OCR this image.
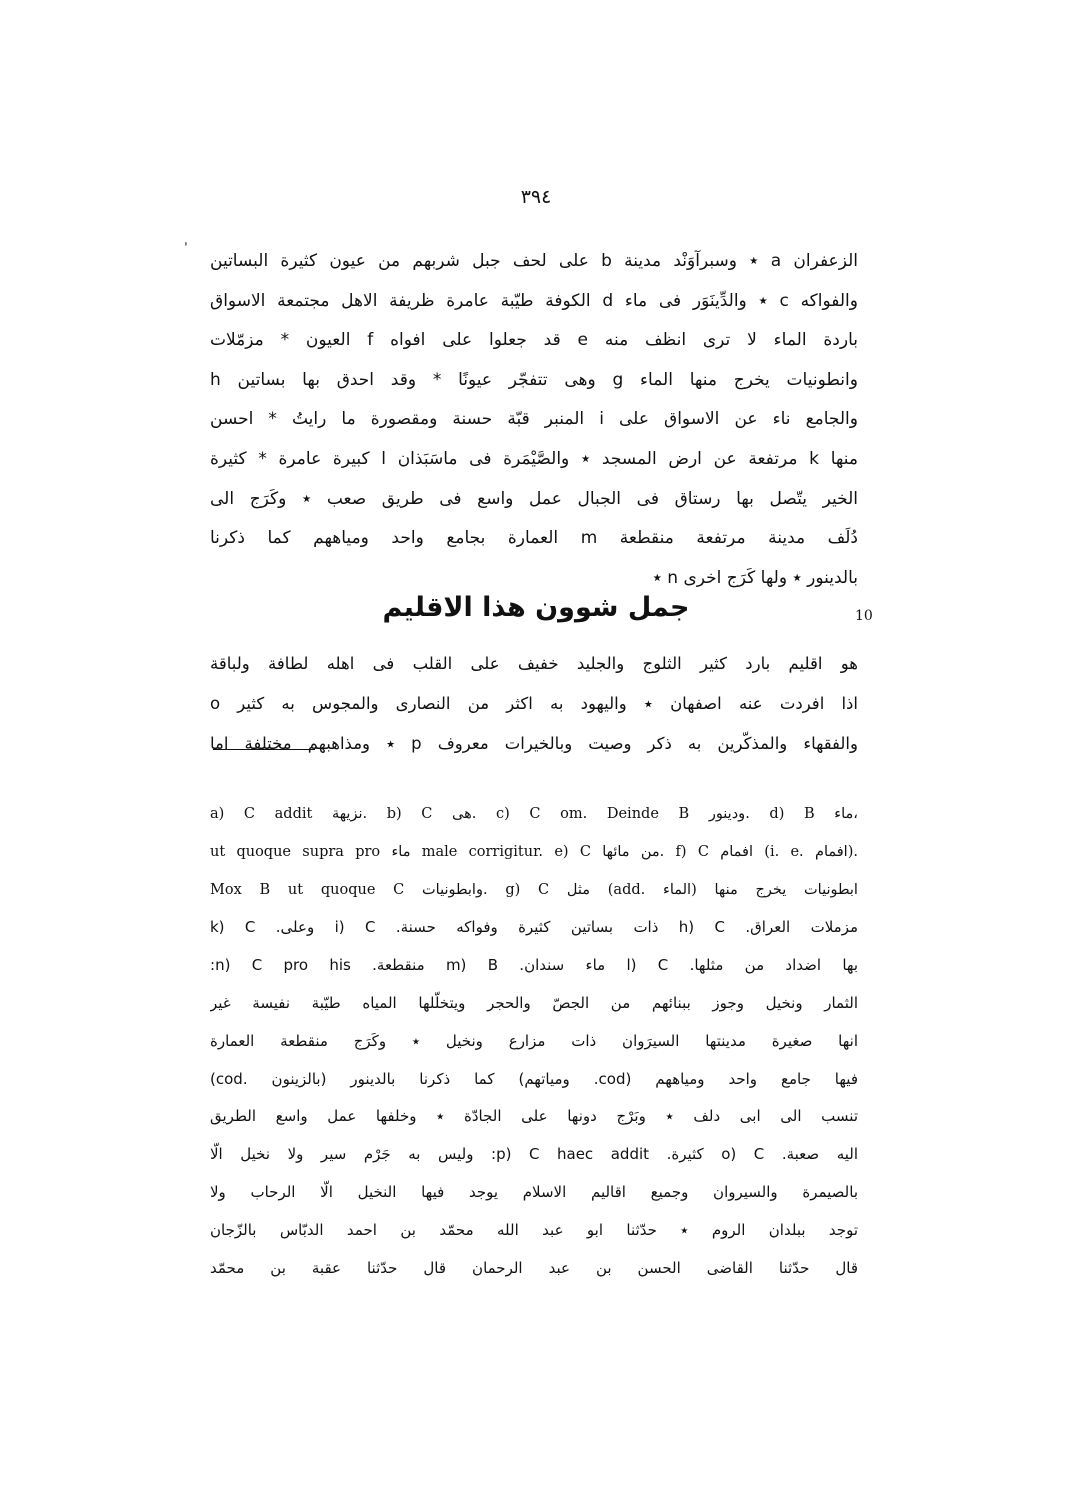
٣٩٤
ˌ
الزعفران a ٭ وسبرآوَنْد مدينة b على لحف جبل شربهم من عيون كثيرة البساتين
والفواكه c ٭ والدِّينَوَر فى ماء d الكوفة طيّبة عامرة ظريفة الاهل مجتمعة الاسواق
باردة الماء لا ترى انظف منه e قد جعلوا على افواه f العيون * مزمّلات
وانطونيات يخرج منها الماء g وهى تتفجّر عيونًا * وقد احدق بها بساتين h
والجامع ناء عن الاسواق على i المنبر قبّة حسنة ومقصورة ما رايتُ * احسن
منها k مرتفعة عن ارض المسجد ٭ والصَّيْمَرة فى ماسَبَذان l كبيرة عامرة * كثيرة
الخير يتّصل بها رستاق فى الجبال عمل واسع فى طريق صعب ٭ وكَرَج الى
دُلَف مدينة مرتفعة منقطعة m العمارة بجامع واحد ومياههم كما ذكرنا
بالدينور ٭ ولها كَرَج اخرى n ٭
جمل شوون هذا الاقليم	10
هو اقليم بارد كثير الثلوج والجليد خفيف على القلب فى اهله لطافة ولباقة
اذا افردت عنه اصفهان ٭ واليهود به اكثر من النصارى والمجوس به كثير o
والفقهاء والمذكّرين به ذكر وصيت وبالخيرات معروف p ٭ ومذاهبهم مختلفة اما
a) C addit نزيهة. b) C هى. c) C om. Deinde B ودينور. d) B ماء،
ut quoque supra pro ماء male corrigitur. e) C من مائها. f) C افمام (i. e. افمام).
Mox B ut quoque C وابطونيات. g) C مثل (add. الماء) ابطونيات يخرج منها
مزملات العراق. h) C ذات بساتين كثيرة وفواكه حسنة. i) C وعلى. k) C
بها اضداد من مثلها. l) C ماء سندان. m) B منقطعة. n) C pro his:
الثمار ونخيل وجوز ببنائهم من الجصّ والحجر ويتخلّلها المياه طيّبة نفيسة غير
انها صغيرة مدينتها السيرَوان ذات مزارع ونخيل ٭ وكَرَج منقطعة العمارة
فيها جامع واحد ومياههم (cod. ومياتهم) كما ذكرنا بالدينور (بالزينون .cod)
تنسب الى ابى دلف ٭ وبَرْج دونها على الجادّة ٭ وخلفها عمل واسع الطريق
اليه صعبة. o) C كثيرة. p) C haec addit: وليس به جَرْم سير ولا نخيل الّا
بالصيمرة والسيروان وجميع اقاليم الاسلام يوجد فيها النخيل الّا الرحاب ولا
توجد ببلدان الروم ٭ حدّثنا ابو عبد الله محمّد بن احمد الدبّاس بالزّجان
قال حدّثنا القاضى الحسن بن عبد الرحمان قال حدّثنا عقبة بن محمّد
